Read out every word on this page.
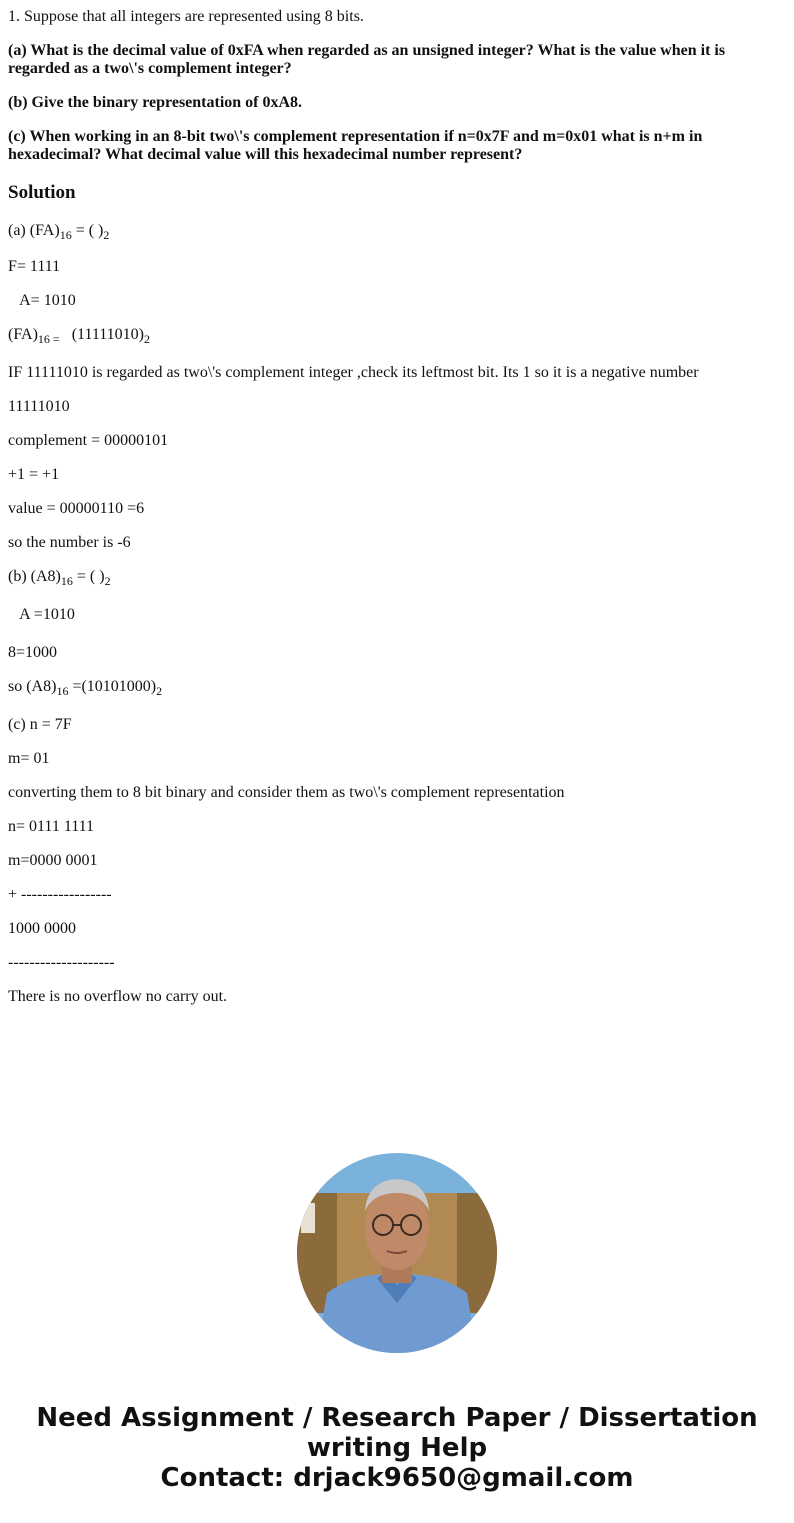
1. Suppose that all integers are represented using 8 bits.

(a) What is the decimal value of 0xFA when regarded as an unsigned integer? What is the value when it is regarded as a two\'s complement integer?

(b) Give the binary representation of 0xA8.

(c) When working in an 8-bit two\'s complement representation if n=0x7F and m=0x01 what is n+m in hexadecimal? What decimal value will this hexadecimal number represent?

Solution

(a) $(FA)_{16}$ = ( )$_2$

F= 1111

A= 1010

$(FA)_{16 =}$   $(11111010)_2$

IF 11111010 is regarded as two\'s complement integer ,check its leftmost bit. Its 1 so it is a negative number

11111010

complement = 00000101

+1 = +1

value = 00000110 =6

so the number is -6

(b) $(A8)_{16}$ = ( )$_2$

A =1010

8=1000

so $(A8)_{16} =(10101000)_2$

(c) n = 7F

m= 01

converting them to 8 bit binary and consider them as two\'s complement representation

n= 0111 1111

m=0000 0001

+ -----------------

1000 0000

--------------------

There is no overflow no carry out.

Need Assignment / Research Paper / Dissertation
writing Help
Contact: drjack9650@gmail.com
